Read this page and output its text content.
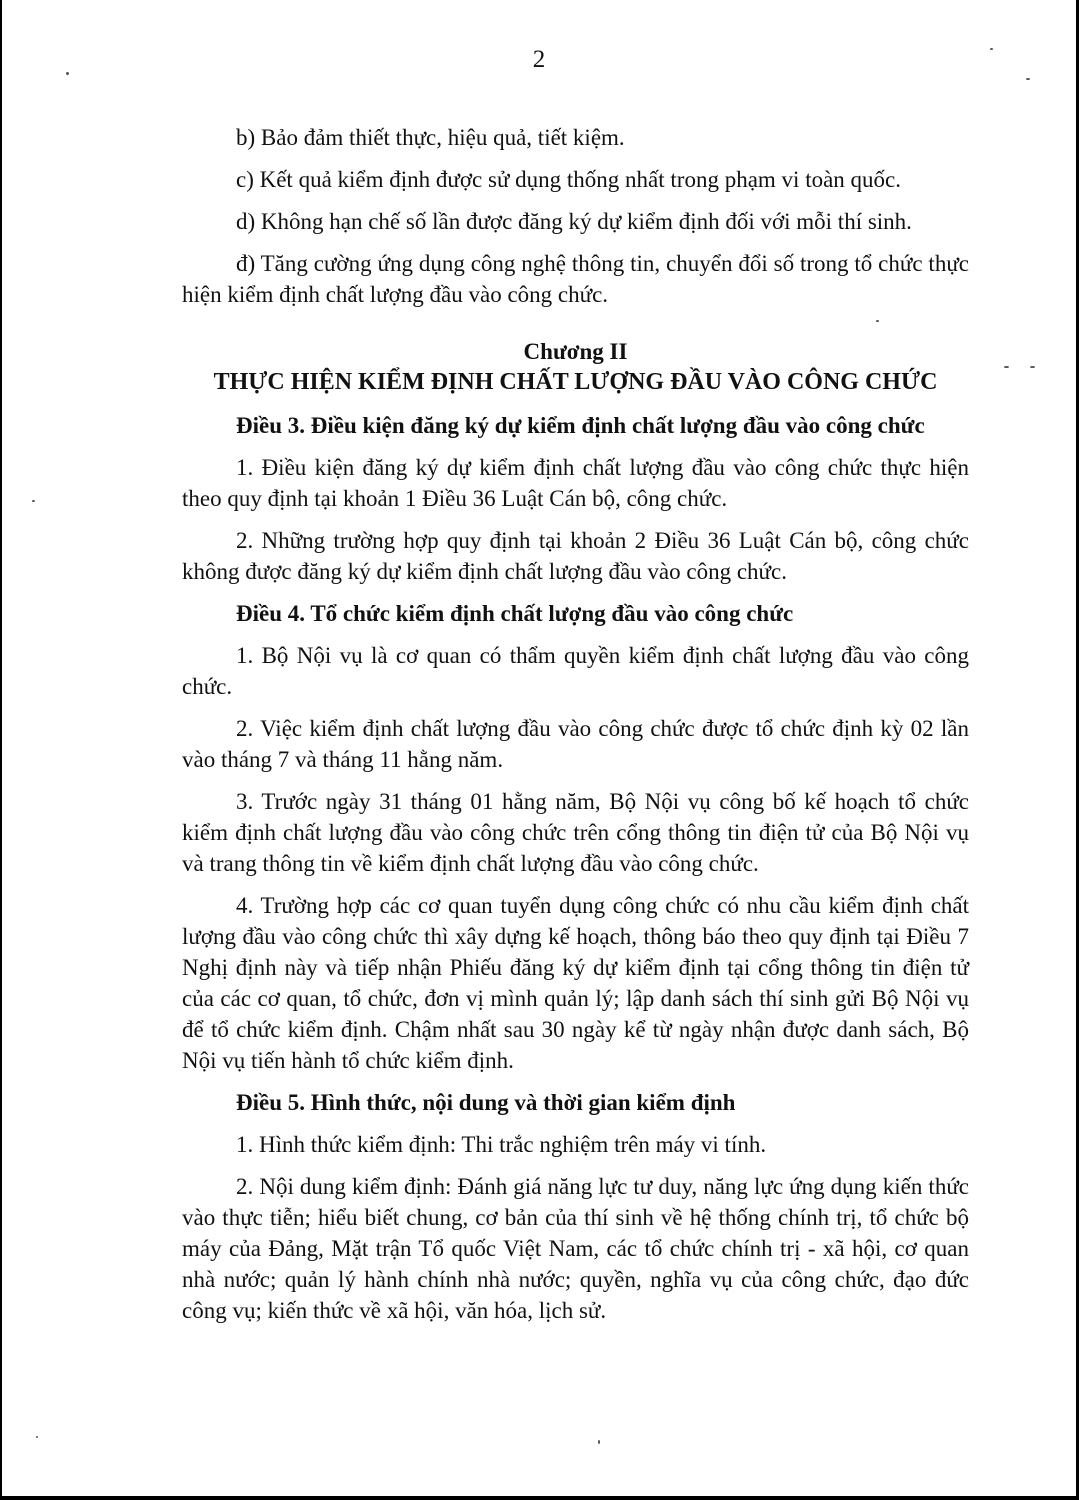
2

b) Bảo đảm thiết thực, hiệu quả, tiết kiệm.

c) Kết quả kiểm định được sử dụng thống nhất trong phạm vi toàn quốc.

d) Không hạn chế số lần được đăng ký dự kiểm định đối với mỗi thí sinh.

đ) Tăng cường ứng dụng công nghệ thông tin, chuyển đổi số trong tổ chức thực hiện kiểm định chất lượng đầu vào công chức.

Chương II
THỰC HIỆN KIỂM ĐỊNH CHẤT LƯỢNG ĐẦU VÀO CÔNG CHỨC

Điều 3. Điều kiện đăng ký dự kiểm định chất lượng đầu vào công chức

1. Điều kiện đăng ký dự kiểm định chất lượng đầu vào công chức thực hiện theo quy định tại khoản 1 Điều 36 Luật Cán bộ, công chức.

2. Những trường hợp quy định tại khoản 2 Điều 36 Luật Cán bộ, công chức không được đăng ký dự kiểm định chất lượng đầu vào công chức.

Điều 4. Tổ chức kiểm định chất lượng đầu vào công chức

1. Bộ Nội vụ là cơ quan có thẩm quyền kiểm định chất lượng đầu vào công chức.

2. Việc kiểm định chất lượng đầu vào công chức được tổ chức định kỳ 02 lần vào tháng 7 và tháng 11 hằng năm.

3. Trước ngày 31 tháng 01 hằng năm, Bộ Nội vụ công bố kế hoạch tổ chức kiểm định chất lượng đầu vào công chức trên cổng thông tin điện tử của Bộ Nội vụ và trang thông tin về kiểm định chất lượng đầu vào công chức.

4. Trường hợp các cơ quan tuyển dụng công chức có nhu cầu kiểm định chất lượng đầu vào công chức thì xây dựng kế hoạch, thông báo theo quy định tại Điều 7 Nghị định này và tiếp nhận Phiếu đăng ký dự kiểm định tại cổng thông tin điện tử của các cơ quan, tổ chức, đơn vị mình quản lý; lập danh sách thí sinh gửi Bộ Nội vụ để tổ chức kiểm định. Chậm nhất sau 30 ngày kể từ ngày nhận được danh sách, Bộ Nội vụ tiến hành tổ chức kiểm định.

Điều 5. Hình thức, nội dung và thời gian kiểm định

1. Hình thức kiểm định: Thi trắc nghiệm trên máy vi tính.

2. Nội dung kiểm định: Đánh giá năng lực tư duy, năng lực ứng dụng kiến thức vào thực tiễn; hiểu biết chung, cơ bản của thí sinh về hệ thống chính trị, tổ chức bộ máy của Đảng, Mặt trận Tổ quốc Việt Nam, các tổ chức chính trị - xã hội, cơ quan nhà nước; quản lý hành chính nhà nước; quyền, nghĩa vụ của công chức, đạo đức công vụ; kiến thức về xã hội, văn hóa, lịch sử.
